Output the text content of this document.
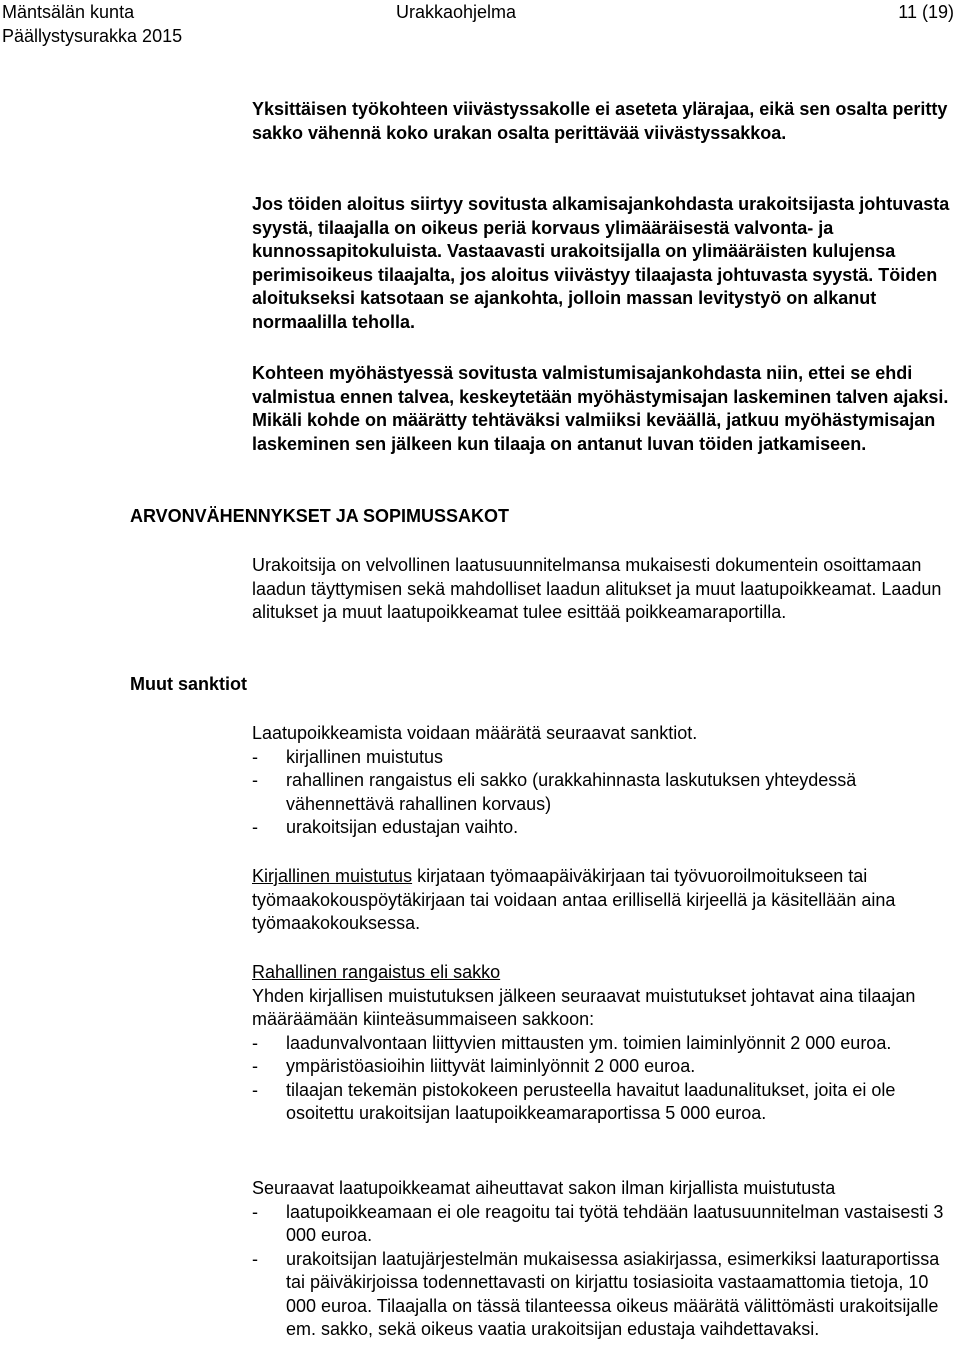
Mäntsälän kunta
Päällystysurakka 2015
Urakkaohjelma	11 (19)
Yksittäisen työkohteen viivästyssakolle ei aseteta ylärajaa, eikä sen osalta peritty sakko vähennä koko urakan osalta perittävää viivästyssakkoa.
Jos töiden aloitus siirtyy sovitusta alkamisajankohdasta urakoitsijasta johtuvasta syystä, tilaajalla on oikeus periä korvaus ylimääräisestä valvonta- ja kunnossapitokuluista. Vastaavasti urakoitsijalla on ylimääräisten kulujensa perimisoikeus tilaajalta, jos aloitus viivästyy tilaajasta johtuvasta syystä. Töiden aloitukseksi katsotaan se ajankohta, jolloin massan levitystyö on alkanut normaalilla teholla.
Kohteen myöhästyessä sovitusta valmistumisajankohdasta niin, ettei se ehdi valmistua ennen talvea, keskeytetään myöhästymisajan laskeminen talven ajaksi. Mikäli kohde on määrätty tehtäväksi valmiiksi keväällä, jatkuu myöhästymisajan laskeminen sen jälkeen kun tilaaja on antanut luvan töiden jatkamiseen.
ARVONVÄHENNYKSET JA SOPIMUSSAKOT
Muut sanktiot
Urakoitsija on velvollinen laatusuunnitelmansa mukaisesti dokumentein osoittamaan laadun täyttymisen sekä mahdolliset laadun alitukset ja muut laatupoikkeamat. Laadun alitukset ja muut laatupoikkeamat tulee esittää poikkeamaraportilla.
Laatupoikkeamista voidaan määrätä seuraavat sanktiot.
- kirjallinen muistutus
- rahallinen rangaistus eli sakko (urakkahinnasta laskutuksen yhteydessä vähennettävä rahallinen korvaus)
- urakoitsijan edustajan vaihto.
Kirjallinen muistutus kirjataan työmaapäiväkirjaan tai työvuoroilmoitukseen tai työmaakokouspöytäkirjaan tai voidaan antaa erillisellä kirjeellä ja käsitellään aina työmaakokouksessa.
Rahallinen rangaistus eli sakko
Yhden kirjallisen muistutuksen jälkeen seuraavat muistutukset johtavat aina tilaajan määräämään kiinteäsummaiseen sakkoon:
- laadunvalvontaan liittyvien mittausten ym. toimien laiminlyönnit 2 000 euroa.
- ympäristöasioihin liittyvät laiminlyönnit 2 000 euroa.
- tilaajan tekemän pistokokeen perusteella havaitut laadunalitukset, joita ei ole osoitettu urakoitsijan laatupoikkeamaraportissa 5 000 euroa.
Seuraavat laatupoikkeamat aiheuttavat sakon ilman kirjallista muistutusta
- laatupoikkeamaan ei ole reagoitu tai työtä tehdään laatusuunnitelman vastaisesti 3 000 euroa.
- urakoitsijan laatujärjestelmän mukaisessa asiakirjassa, esimerkiksi laaturaportissa tai päiväkirjoissa todennettavasti on kirjattu tosiasioita vastaamattomia tietoja, 10 000 euroa. Tilaajalla on tässä tilanteessa oikeus määrätä välittömästi urakoitsijalle em. sakko, sekä oikeus vaatia urakoitsijan edustaja vaihdettavaksi.
